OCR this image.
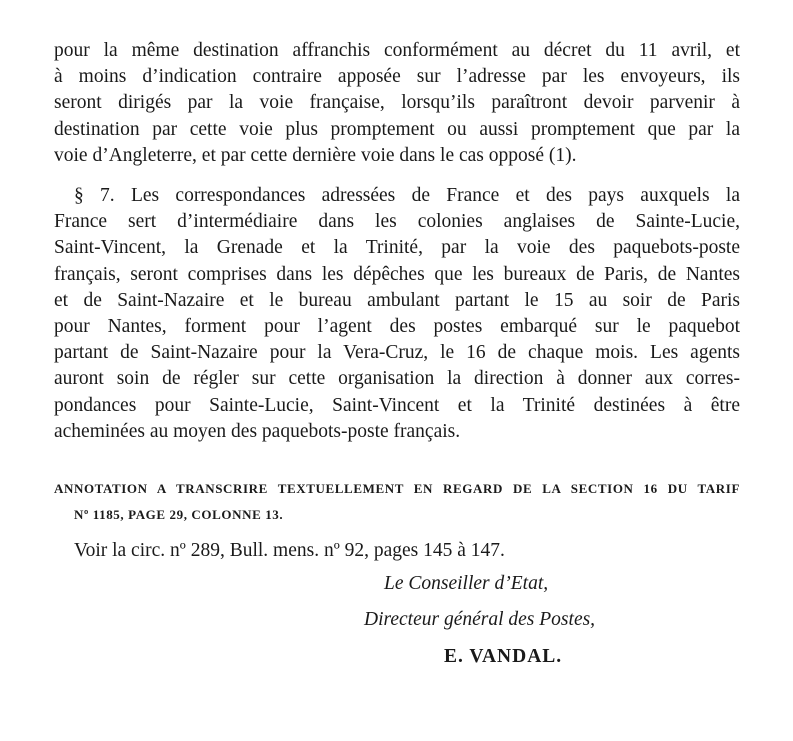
pour la même destination affranchis conformément au décret du 11 avril, et
à moins d’indication contraire apposée sur l’adresse par les envoyeurs, ils
seront dirigés par la voie française, lorsqu’ils paraîtront devoir parvenir à
destination par cette voie plus promptement ou aussi promptement que par la
voie d’Angleterre, et par cette dernière voie dans le cas opposé (1).

§ 7. Les correspondances adressées de France et des pays auxquels la
France sert d’intermédiaire dans les colonies anglaises de Sainte-Lucie,
Saint-Vincent, la Grenade et la Trinité, par la voie des paquebots-poste
français, seront comprises dans les dépêches que les bureaux de Paris, de Nantes
et de Saint-Nazaire et le bureau ambulant partant le 15 au soir de Paris
pour Nantes, forment pour l’agent des postes embarqué sur le paquebot
partant de Saint-Nazaire pour la Vera-Cruz, le 16 de chaque mois. Les agents
auront soin de régler sur cette organisation la direction à donner aux corres-
pondances pour Sainte-Lucie, Saint-Vincent et la Trinité destinées à être
acheminées au moyen des paquebots-poste français.

ANNOTATION A TRANSCRIRE TEXTUELLEMENT EN REGARD DE LA SECTION 16 DU TARIF
Nº 1185, PAGE 29, COLONNE 13.

Voir la circ. nº 289, Bull. mens. nº 92, pages 145 à 147.

Le Conseiller d’Etat,

Directeur général des Postes,

E. VANDAL.
